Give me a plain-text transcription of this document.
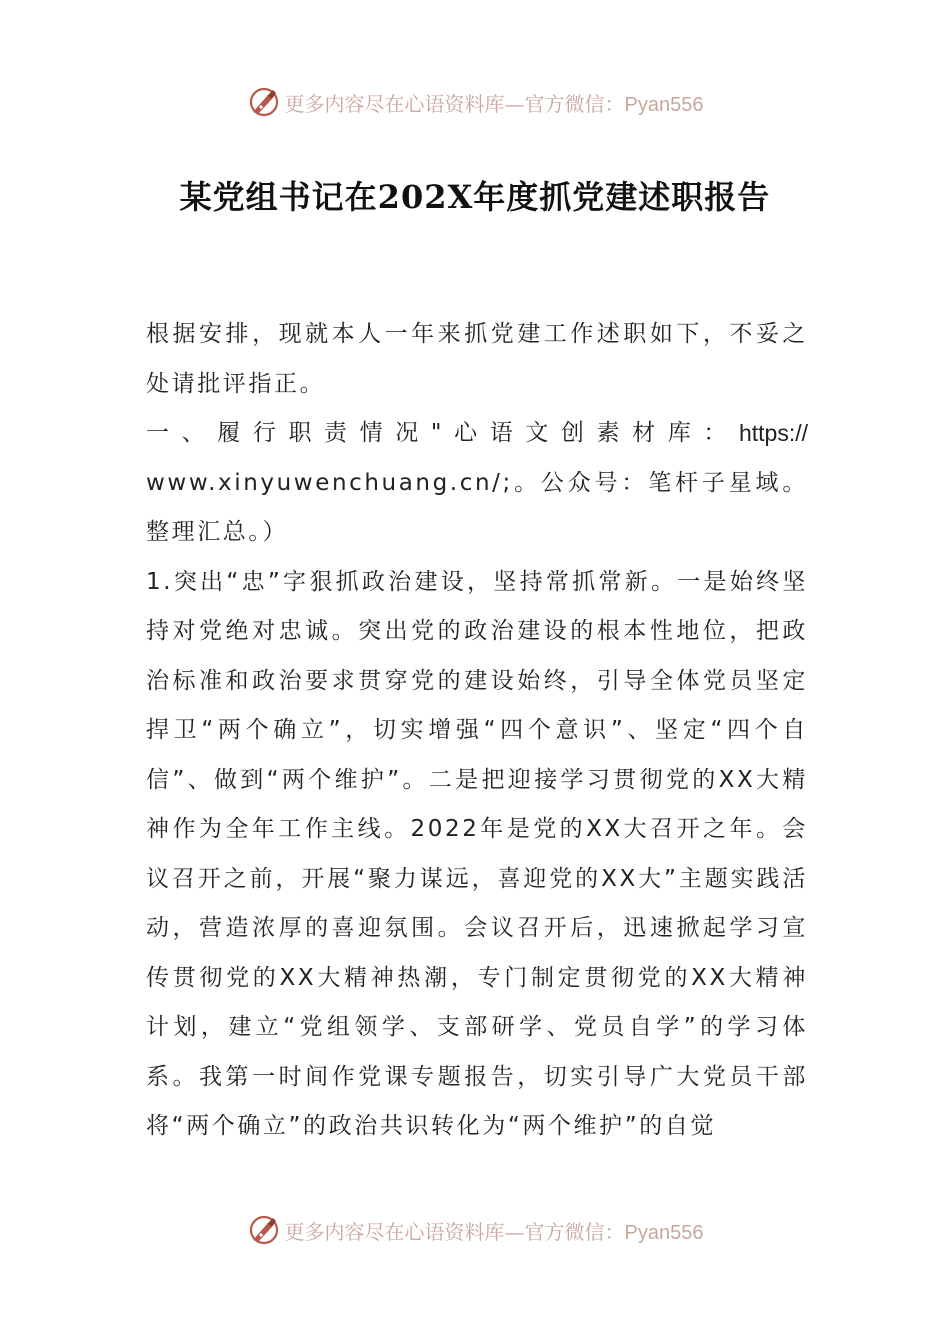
更多内容尽在心语资料库—官方微信：Pyan556
某党组书记在202X年度抓党建述职报告

根据安排，现就本人一年来抓党建工作述职如下，不妥之处请批评指正。

一 、 履 行 职 责 情 况 " 心 语 文 创 素 材 库 ： https://

www.xinyuwenchuang.cn/;。公众号：笔杆子星域。整理汇总。）

1.突出“忠”字狠抓政治建设，坚持常抓常新。一是始终坚持对党绝对忠诚。突出党的政治建设的根本性地位，把政治标准和政治要求贯穿党的建设始终，引导全体党员坚定捍卫“两个确立”，切实增强“四个意识”、坚定“四个自信”、做到“两个维护”。二是把迎接学习贯彻党的XX大精神作为全年工作主线。2022年是党的XX大召开之年。会议召开之前，开展“聚力谋远，喜迎党的XX大”主题实践活动，营造浓厚的喜迎氛围。会议召开后，迅速掀起学习宣传贯彻党的XX大精神热潮，专门制定贯彻党的XX大精神计划，建立“党组领学、支部研学、党员自学”的学习体系。我第一时间作党课专题报告，切实引导广大党员干部将“两个确立”的政治共识转化为“两个维护”的自觉

更多内容尽在心语资料库—官方微信：Pyan556
